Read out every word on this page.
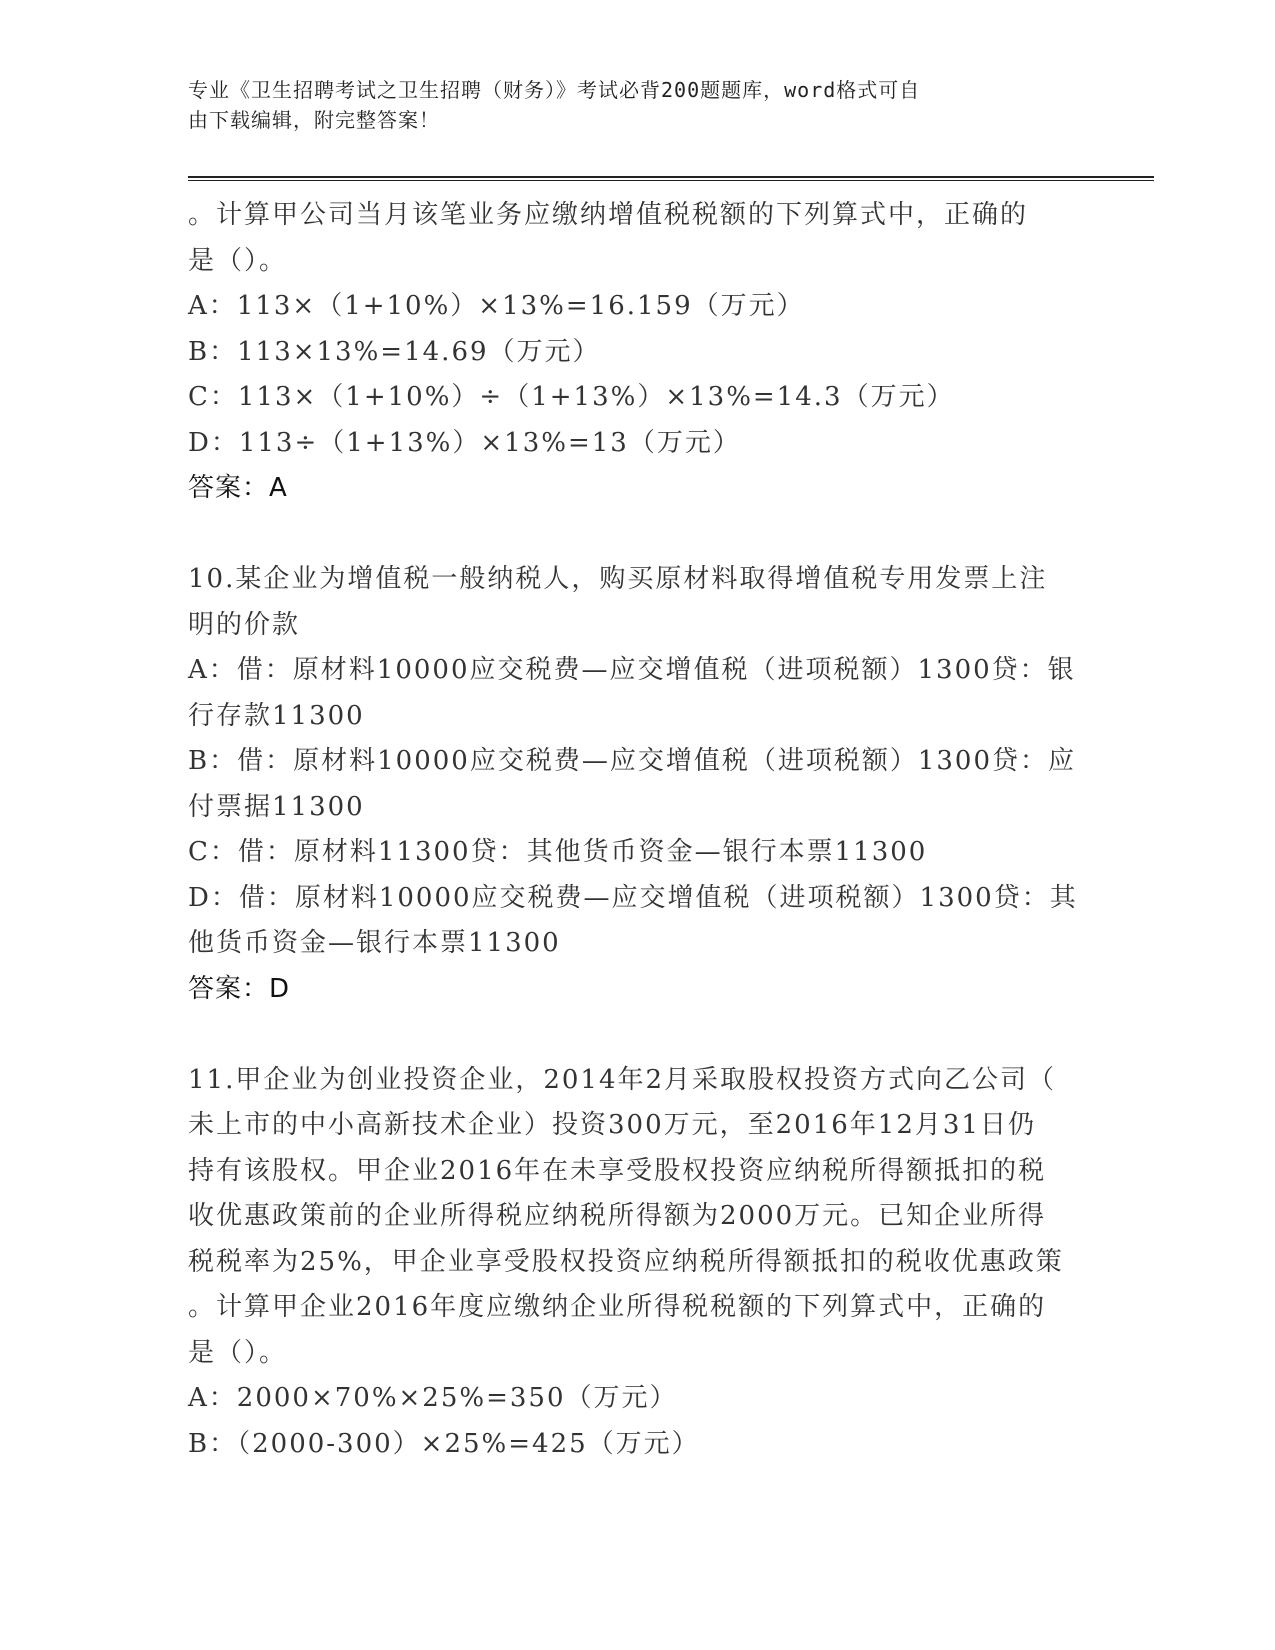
专业《卫生招聘考试之卫生招聘（财务）》考试必背200题题库，word格式可自
由下载编辑，附完整答案！
。计算甲公司当月该笔业务应缴纳增值税税额的下列算式中，正确的
是（）。
A：113×（1+10%）×13%=16.159（万元）
B：113×13%=14.69（万元）
C：113×（1+10%）÷（1+13%）×13%=14.3（万元）
D：113÷（1+13%）×13%=13（万元）
答案：A
10.某企业为增值税一般纳税人，购买原材料取得增值税专用发票上注
明的价款
A：借：原材料10000应交税费—应交增值税（进项税额）1300贷：银
行存款11300
B：借：原材料10000应交税费—应交增值税（进项税额）1300贷：应
付票据11300
C：借：原材料11300贷：其他货币资金—银行本票11300
D：借：原材料10000应交税费—应交增值税（进项税额）1300贷：其
他货币资金—银行本票11300
答案：D
11.甲企业为创业投资企业，2014年2月采取股权投资方式向乙公司（
未上市的中小高新技术企业）投资300万元，至2016年12月31日仍
持有该股权。甲企业2016年在未享受股权投资应纳税所得额抵扣的税
收优惠政策前的企业所得税应纳税所得额为2000万元。已知企业所得
税税率为25%，甲企业享受股权投资应纳税所得额抵扣的税收优惠政策
。计算甲企业2016年度应缴纳企业所得税税额的下列算式中，正确的
是（）。
A：2000×70%×25%=350（万元）
B：（2000-300）×25%=425（万元）
